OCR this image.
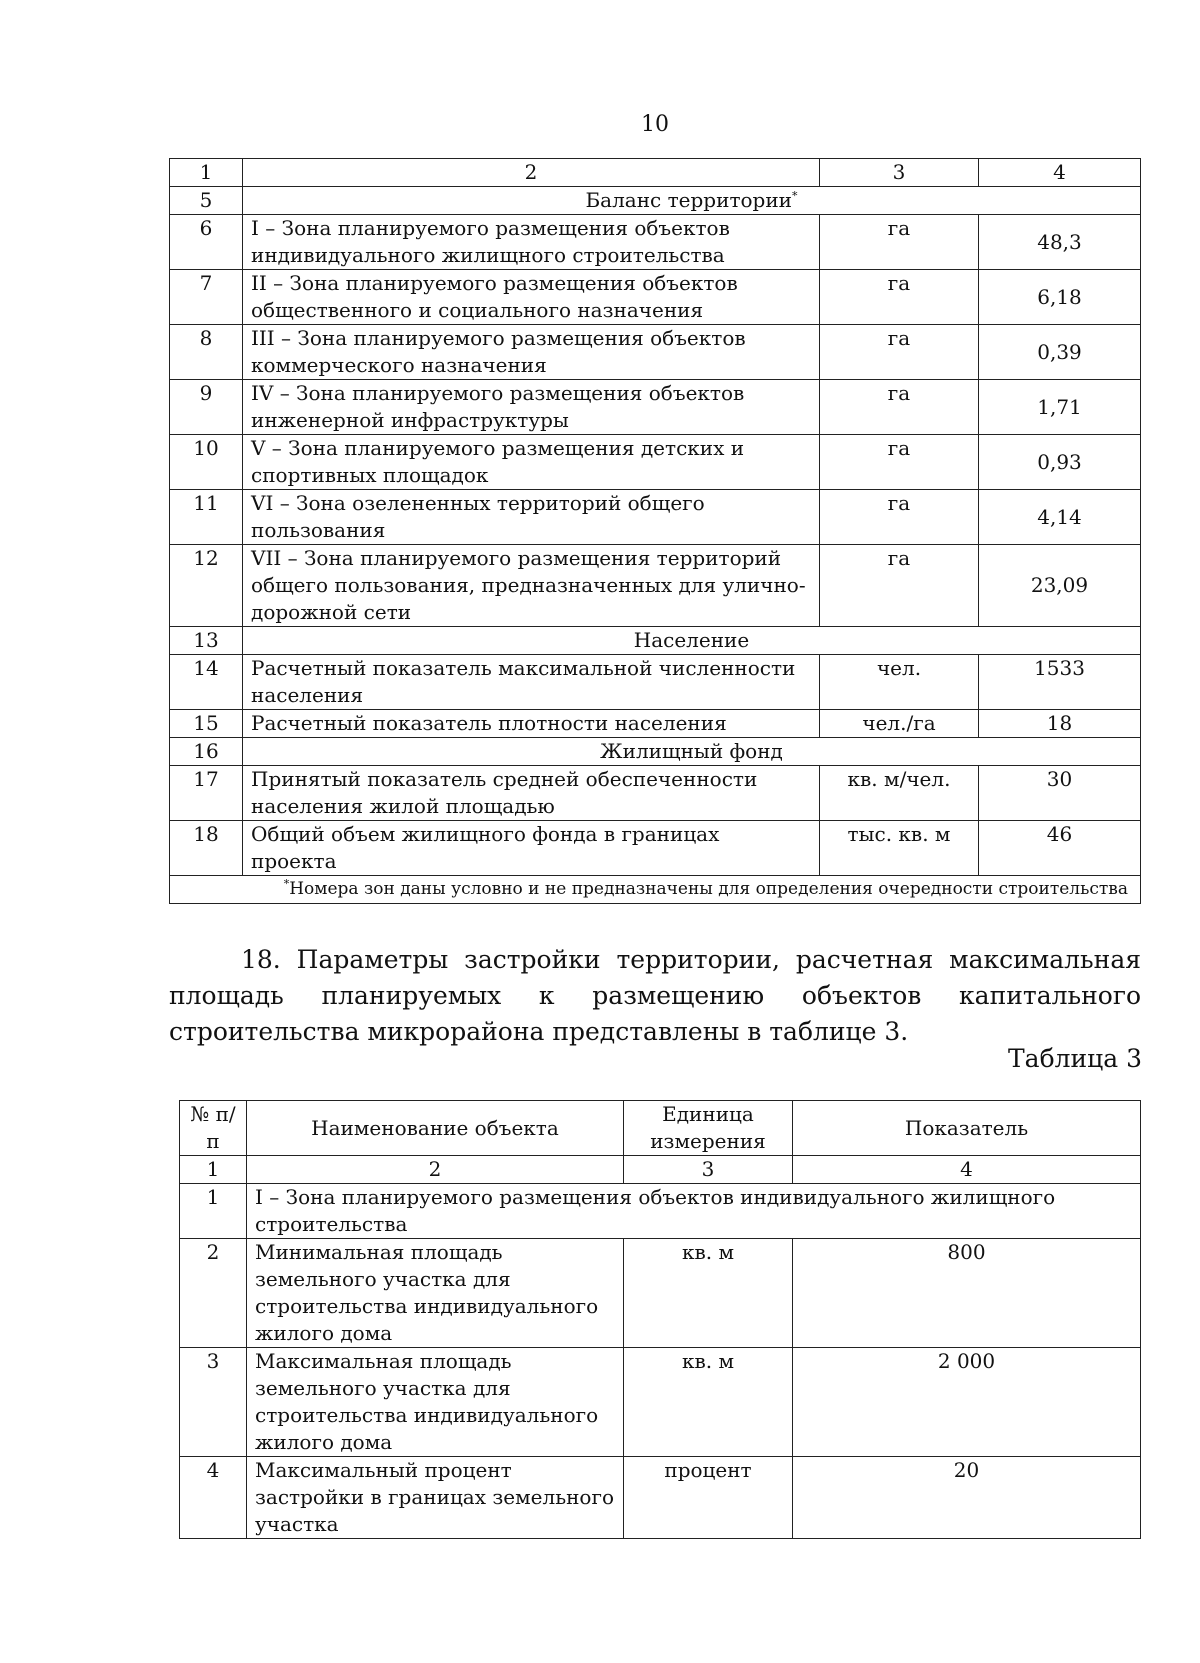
10
1	2	3	4
5	Баланс территории*
6	I – Зона планируемого размещения объектов индивидуального жилищного строительства	га	48,3
7	II – Зона планируемого размещения объектов общественного и социального назначения	га	6,18
8	III – Зона планируемого размещения объектов коммерческого назначения	га	0,39
9	IV – Зона планируемого размещения объектов инженерной инфраструктуры	га	1,71
10	V – Зона планируемого размещения детских и спортивных площадок	га	0,93
11	VI – Зона озелененных территорий общего пользования	га	4,14
12	VII – Зона планируемого размещения территорий общего пользования, предназначенных для улично-дорожной сети	га	23,09
13	Население		
14	Расчетный показатель максимальной численности населения	чел.	1533
15	Расчетный показатель плотности населения	чел./га	18
16	Жилищный фонд		
17	Принятый показатель средней обеспеченности населения жилой площадью	кв. м/чел.	30
18	Общий объем жилищного фонда в границах проекта	тыс. кв. м	46
*Номера зон даны условно и не предназначены для определения очередности строительства			

18. Параметры застройки территории, расчетная максимальная площадь планируемых к размещению объектов капитального строительства микрорайона представлены в таблице 3.

Таблица 3
№ п/п	Наименование объекта	Единица измерения	Показатель
1	2	3	4
1	I – Зона планируемого размещения объектов индивидуального жилищного строительства		
2	Минимальная площадь земельного участка для строительства индивидуального жилого дома	кв. м	800
3	Максимальная площадь земельного участка для строительства индивидуального жилого дома	кв. м	2 000
4	Максимальный процент застройки в границах земельного участка	процент	20
